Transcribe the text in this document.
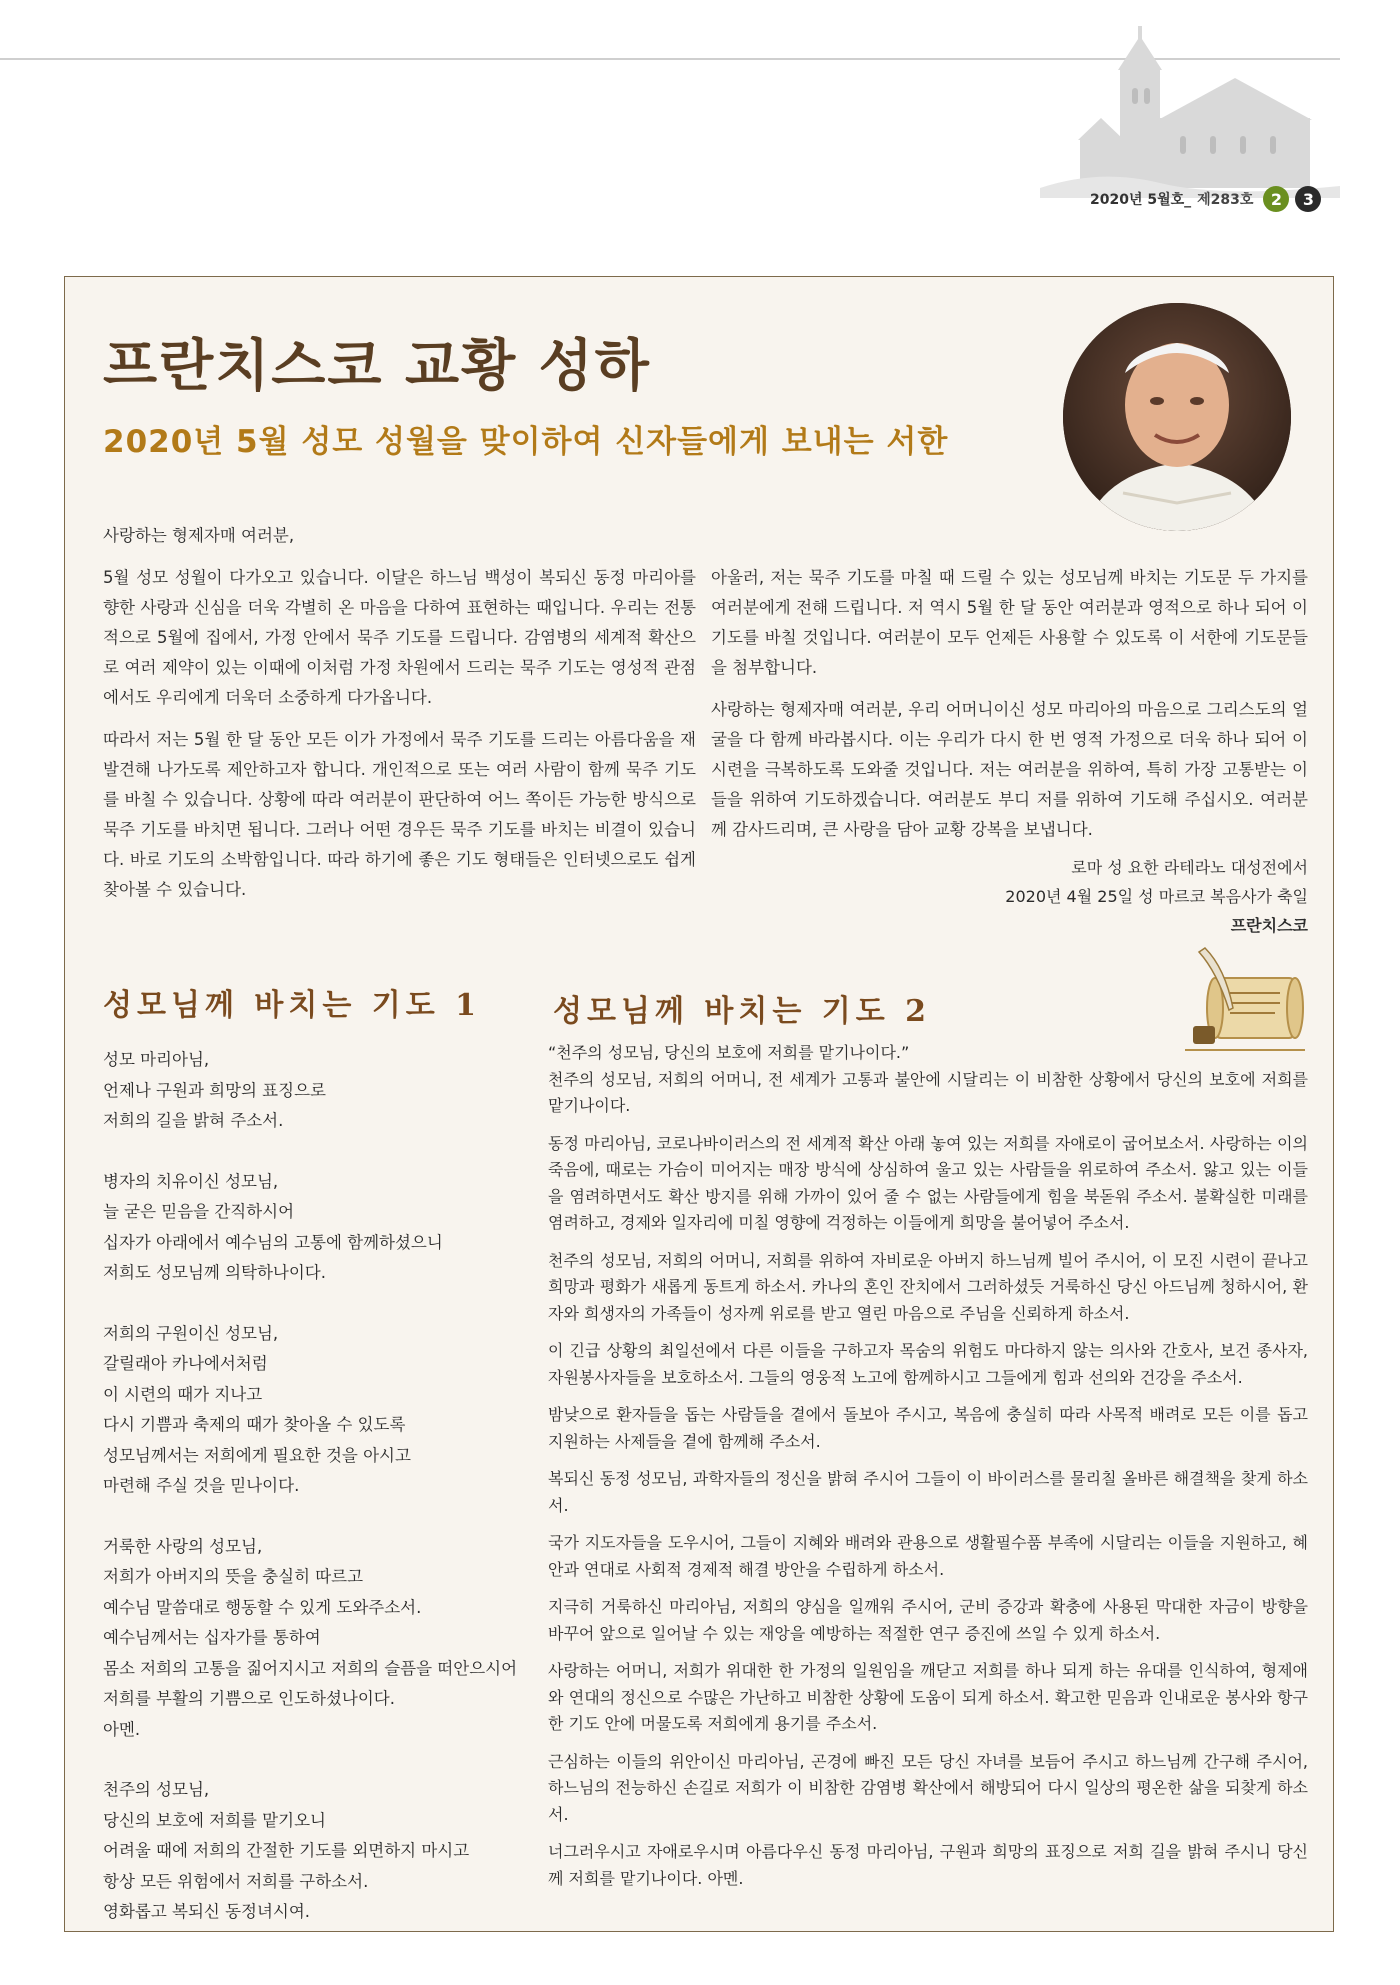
2020년 5월호_ 제283호	2	3
프란치스코 교황 성하
2020년 5월 성모 성월을 맞이하여 신자들에게 보내는 서한
사랑하는 형제자매 여러분,

5월 성모 성월이 다가오고 있습니다. 이달은 하느님 백성이 복되신 동정 마리아를 향한 사랑과 신심을 더욱 각별히 온 마음을 다하여 표현하는 때입니다. 우리는 전통적으로 5월에 집에서, 가정 안에서 묵주 기도를 드립니다. 감염병의 세계적 확산으로 여러 제약이 있는 이때에 이처럼 가정 차원에서 드리는 묵주 기도는 영성적 관점에서도 우리에게 더욱더 소중하게 다가옵니다.

따라서 저는 5월 한 달 동안 모든 이가 가정에서 묵주 기도를 드리는 아름다움을 재발견해 나가도록 제안하고자 합니다. 개인적으로 또는 여러 사람이 함께 묵주 기도를 바칠 수 있습니다. 상황에 따라 여러분이 판단하여 어느 쪽이든 가능한 방식으로 묵주 기도를 바치면 됩니다. 그러나 어떤 경우든 묵주 기도를 바치는 비결이 있습니다. 바로 기도의 소박함입니다. 따라 하기에 좋은 기도 형태들은 인터넷으로도 쉽게 찾아볼 수 있습니다.

아울러, 저는 묵주 기도를 마칠 때 드릴 수 있는 성모님께 바치는 기도문 두 가지를 여러분에게 전해 드립니다. 저 역시 5월 한 달 동안 여러분과 영적으로 하나 되어 이 기도를 바칠 것입니다. 여러분이 모두 언제든 사용할 수 있도록 이 서한에 기도문들을 첨부합니다.

사랑하는 형제자매 여러분, 우리 어머니이신 성모 마리아의 마음으로 그리스도의 얼굴을 다 함께 바라봅시다. 이는 우리가 다시 한 번 영적 가정으로 더욱 하나 되어 이 시련을 극복하도록 도와줄 것입니다. 저는 여러분을 위하여, 특히 가장 고통받는 이들을 위하여 기도하겠습니다. 여러분도 부디 저를 위하여 기도해 주십시오. 여러분께 감사드리며, 큰 사랑을 담아 교황 강복을 보냅니다.

로마 성 요한 라테라노 대성전에서
2020년 4월 25일 성 마르코 복음사가 축일
프란치스코
성모님께 바치는 기도 1 성모님께 바치는 기도 2
성모 마리아님,
언제나 구원과 희망의 표징으로
저희의 길을 밝혀 주소서.
병자의 치유이신 성모님,
늘 굳은 믿음을 간직하시어
십자가 아래에서 예수님의 고통에 함께하셨으니
저희도 성모님께 의탁하나이다.
저희의 구원이신 성모님,
갈릴래아 카나에서처럼
이 시련의 때가 지나고
다시 기쁨과 축제의 때가 찾아올 수 있도록
성모님께서는 저희에게 필요한 것을 아시고
마련해 주실 것을 믿나이다.
거룩한 사랑의 성모님,
저희가 아버지의 뜻을 충실히 따르고
예수님 말씀대로 행동할 수 있게 도와주소서.
예수님께서는 십자가를 통하여
몸소 저희의 고통을 짊어지시고 저희의 슬픔을 떠안으시어
저희를 부활의 기쁨으로 인도하셨나이다.
아멘.
천주의 성모님,
당신의 보호에 저희를 맡기오니
어려울 때에 저희의 간절한 기도를 외면하지 마시고
항상 모든 위험에서 저희를 구하소서.
영화롭고 복되신 동정녀시여.

“천주의 성모님, 당신의 보호에 저희를 맡기나이다.”
천주의 성모님, 저희의 어머니, 전 세계가 고통과 불안에 시달리는 이 비참한 상황에서 당신의 보호에 저희를 맡기나이다.

동정 마리아님, 코로나바이러스의 전 세계적 확산 아래 놓여 있는 저희를 자애로이 굽어보소서. 사랑하는 이의 죽음에, 때로는 가슴이 미어지는 매장 방식에 상심하여 울고 있는 사람들을 위로하여 주소서. 앓고 있는 이들을 염려하면서도 확산 방지를 위해 가까이 있어 줄 수 없는 사람들에게 힘을 북돋워 주소서. 불확실한 미래를 염려하고, 경제와 일자리에 미칠 영향에 걱정하는 이들에게 희망을 불어넣어 주소서.

천주의 성모님, 저희의 어머니, 저희를 위하여 자비로운 아버지 하느님께 빌어 주시어, 이 모진 시련이 끝나고 희망과 평화가 새롭게 동트게 하소서. 카나의 혼인 잔치에서 그러하셨듯 거룩하신 당신 아드님께 청하시어, 환자와 희생자의 가족들이 성자께 위로를 받고 열린 마음으로 주님을 신뢰하게 하소서.

이 긴급 상황의 최일선에서 다른 이들을 구하고자 목숨의 위험도 마다하지 않는 의사와 간호사, 보건 종사자, 자원봉사자들을 보호하소서. 그들의 영웅적 노고에 함께하시고 그들에게 힘과 선의와 건강을 주소서.

밤낮으로 환자들을 돕는 사람들을 곁에서 돌보아 주시고, 복음에 충실히 따라 사목적 배려로 모든 이를 돕고 지원하는 사제들을 곁에 함께해 주소서.

복되신 동정 성모님, 과학자들의 정신을 밝혀 주시어 그들이 이 바이러스를 물리칠 올바른 해결책을 찾게 하소서.

국가 지도자들을 도우시어, 그들이 지혜와 배려와 관용으로 생활필수품 부족에 시달리는 이들을 지원하고, 혜안과 연대로 사회적 경제적 해결 방안을 수립하게 하소서.

지극히 거룩하신 마리아님, 저희의 양심을 일깨워 주시어, 군비 증강과 확충에 사용된 막대한 자금이 방향을 바꾸어 앞으로 일어날 수 있는 재앙을 예방하는 적절한 연구 증진에 쓰일 수 있게 하소서.

사랑하는 어머니, 저희가 위대한 한 가정의 일원임을 깨닫고 저희를 하나 되게 하는 유대를 인식하여, 형제애와 연대의 정신으로 수많은 가난하고 비참한 상황에 도움이 되게 하소서. 확고한 믿음과 인내로운 봉사와 항구한 기도 안에 머물도록 저희에게 용기를 주소서.

근심하는 이들의 위안이신 마리아님, 곤경에 빠진 모든 당신 자녀를 보듬어 주시고 하느님께 간구해 주시어, 하느님의 전능하신 손길로 저희가 이 비참한 감염병 확산에서 해방되어 다시 일상의 평온한 삶을 되찾게 하소서.

너그러우시고 자애로우시며 아름다우신 동정 마리아님, 구원과 희망의 표징으로 저희 길을 밝혀 주시니 당신께 저희를 맡기나이다. 아멘.
